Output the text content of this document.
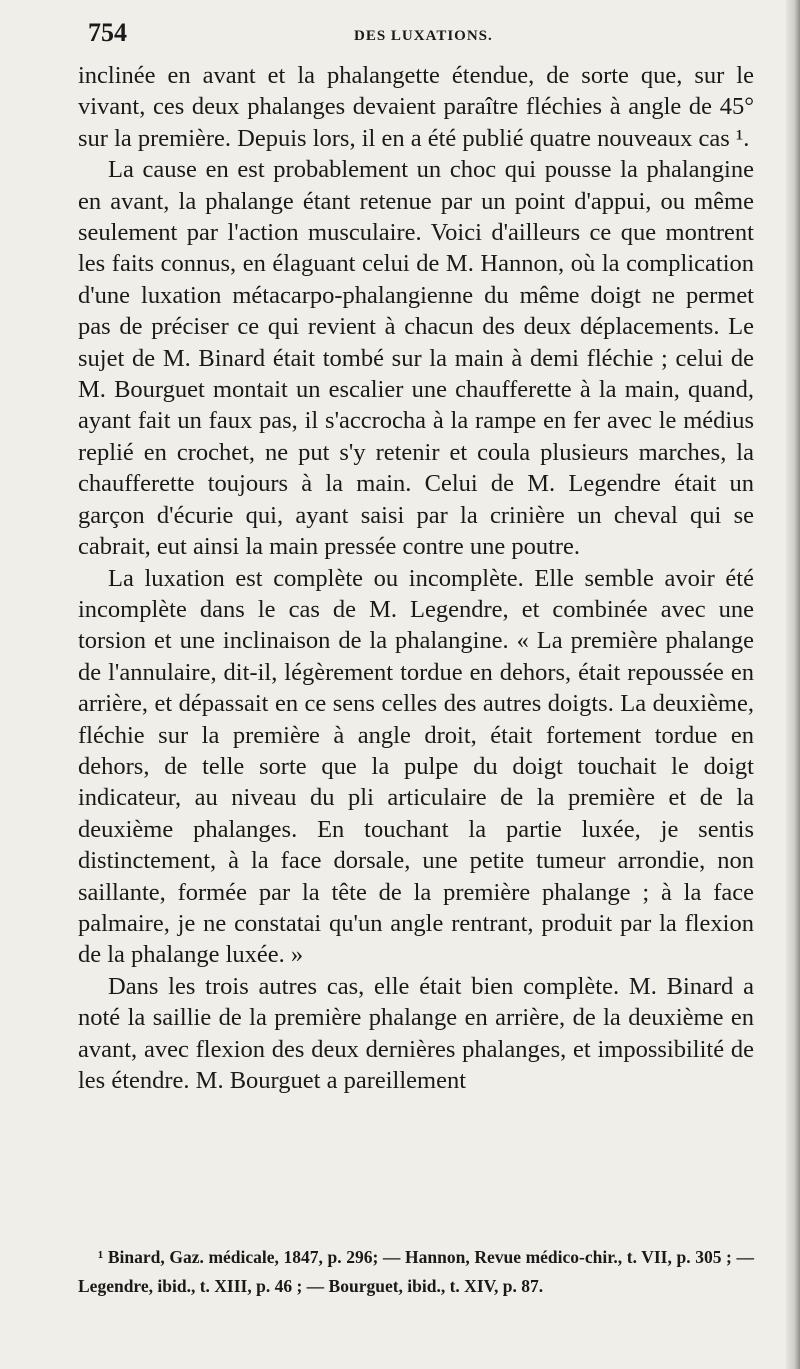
754	DES LUXATIONS.

inclinée en avant et la phalangette étendue, de sorte que, sur le vivant, ces deux phalanges devaient paraître fléchies à angle de 45° sur la première. Depuis lors, il en a été publié quatre nouveaux cas ¹.

La cause en est probablement un choc qui pousse la phalangine en avant, la phalange étant retenue par un point d'appui, ou même seulement par l'action musculaire. Voici d'ailleurs ce que montrent les faits connus, en élaguant celui de M. Hannon, où la complication d'une luxation métacarpo-phalangienne du même doigt ne permet pas de préciser ce qui revient à chacun des deux déplacements. Le sujet de M. Binard était tombé sur la main à demi fléchie ; celui de M. Bourguet montait un escalier une chaufferette à la main, quand, ayant fait un faux pas, il s'accrocha à la rampe en fer avec le médius replié en crochet, ne put s'y retenir et coula plusieurs marches, la chaufferette toujours à la main. Celui de M. Legendre était un garçon d'écurie qui, ayant saisi par la crinière un cheval qui se cabrait, eut ainsi la main pressée contre une poutre.

La luxation est complète ou incomplète. Elle semble avoir été incomplète dans le cas de M. Legendre, et combinée avec une torsion et une inclinaison de la phalangine. « La première phalange de l'annulaire, dit-il, légèrement tordue en dehors, était repoussée en arrière, et dépassait en ce sens celles des autres doigts. La deuxième, fléchie sur la première à angle droit, était fortement tordue en dehors, de telle sorte que la pulpe du doigt touchait le doigt indicateur, au niveau du pli articulaire de la première et de la deuxième phalanges. En touchant la partie luxée, je sentis distinctement, à la face dorsale, une petite tumeur arrondie, non saillante, formée par la tête de la première phalange ; à la face palmaire, je ne constatai qu'un angle rentrant, produit par la flexion de la phalange luxée. »

Dans les trois autres cas, elle était bien complète. M. Binard a noté la saillie de la première phalange en arrière, de la deuxième en avant, avec flexion des deux dernières phalanges, et impossibilité de les étendre. M. Bourguet a pareillement

¹ Binard, Gaz. médicale, 1847, p. 296; — Hannon, Revue médico-chir., t. VII, p. 305 ; — Legendre, ibid., t. XIII, p. 46 ; — Bourguet, ibid., t. XIV, p. 87.
